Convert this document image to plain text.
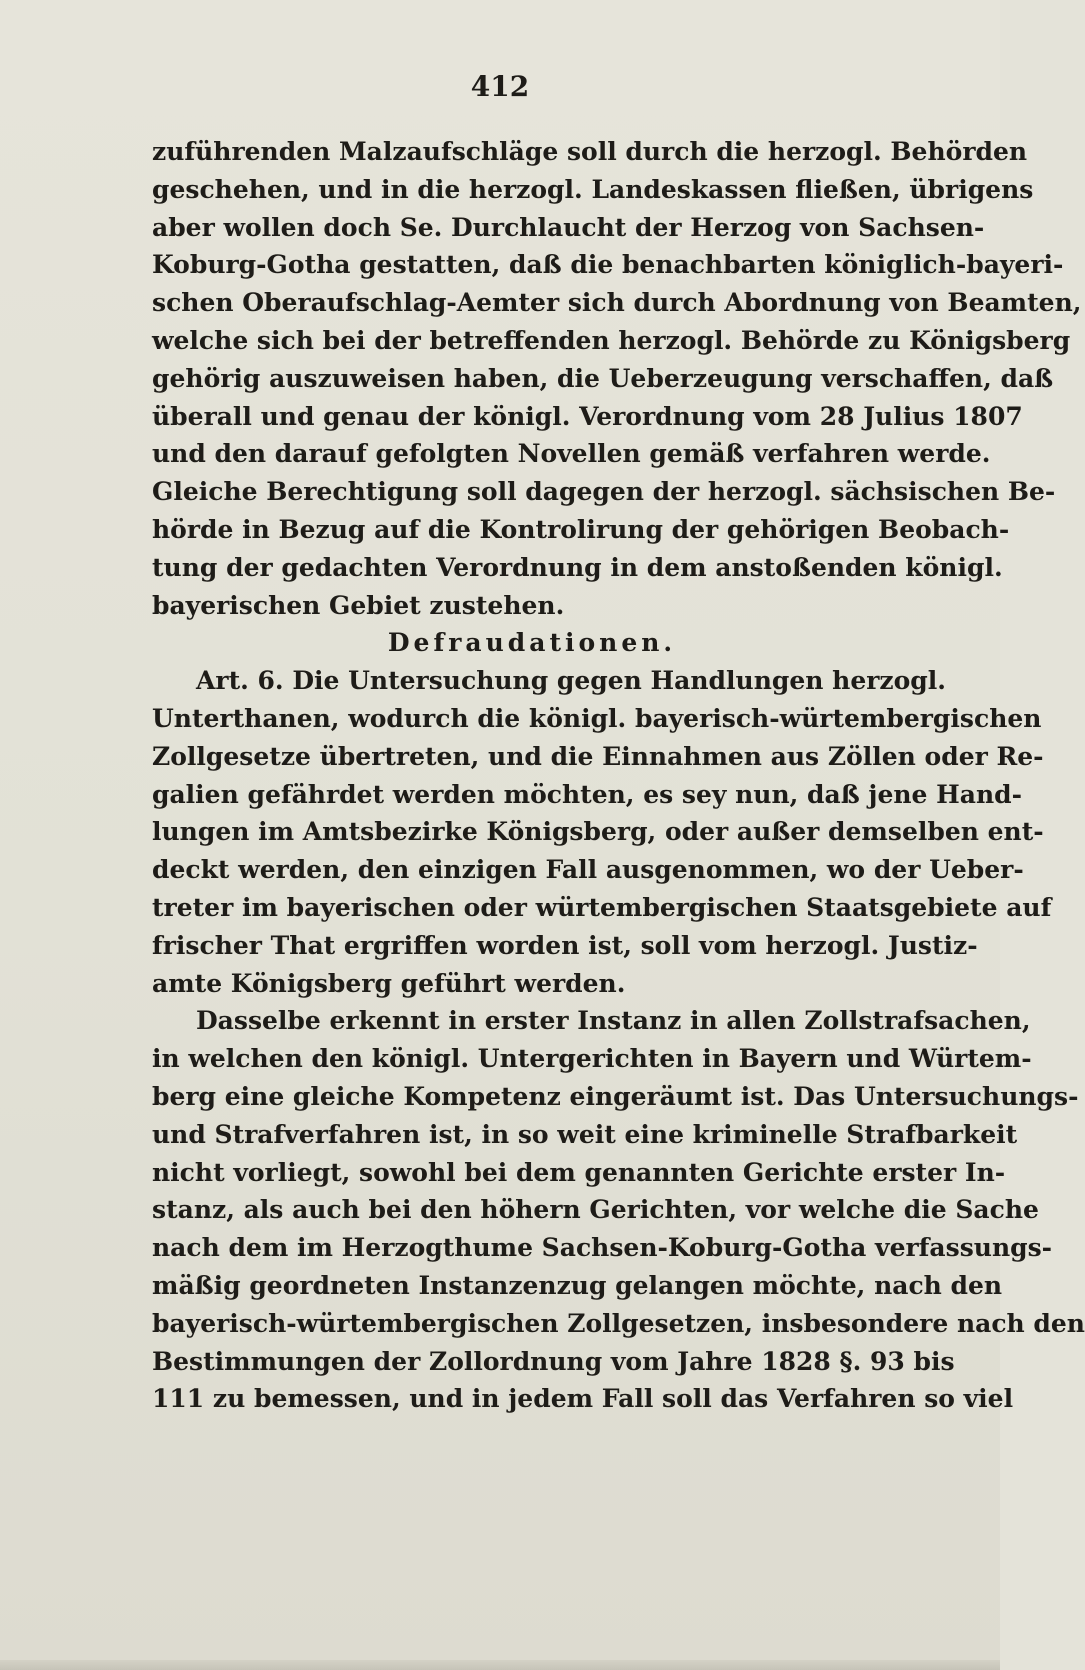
412
zuführenden Malzaufschläge soll durch die herzogl. Behörden
geschehen, und in die herzogl. Landeskassen fließen, übrigens
aber wollen doch Se. Durchlaucht der Herzog von Sachsen-
Koburg-Gotha gestatten, daß die benachbarten königlich-bayeri-
schen Oberaufschlag-Aemter sich durch Abordnung von Beamten,
welche sich bei der betreffenden herzogl. Behörde zu Königsberg
gehörig auszuweisen haben, die Ueberzeugung verschaffen, daß
überall und genau der königl. Verordnung vom 28 Julius 1807
und den darauf gefolgten Novellen gemäß verfahren werde.
Gleiche Berechtigung soll dagegen der herzogl. sächsischen Be-
hörde in Bezug auf die Kontrolirung der gehörigen Beobach-
tung der gedachten Verordnung in dem anstoßenden königl.
bayerischen Gebiet zustehen.
Defraudationen.
Art. 6. Die Untersuchung gegen Handlungen herzogl.
Unterthanen, wodurch die königl. bayerisch-würtembergischen
Zollgesetze übertreten, und die Einnahmen aus Zöllen oder Re-
galien gefährdet werden möchten, es sey nun, daß jene Hand-
lungen im Amtsbezirke Königsberg, oder außer demselben ent-
deckt werden, den einzigen Fall ausgenommen, wo der Ueber-
treter im bayerischen oder würtembergischen Staatsgebiete auf
frischer That ergriffen worden ist, soll vom herzogl. Justiz-
amte Königsberg geführt werden.
Dasselbe erkennt in erster Instanz in allen Zollstrafsachen,
in welchen den königl. Untergerichten in Bayern und Würtem-
berg eine gleiche Kompetenz eingeräumt ist. Das Untersuchungs-
und Strafverfahren ist, in so weit eine kriminelle Strafbarkeit
nicht vorliegt, sowohl bei dem genannten Gerichte erster In-
stanz, als auch bei den höhern Gerichten, vor welche die Sache
nach dem im Herzogthume Sachsen-Koburg-Gotha verfassungs-
mäßig geordneten Instanzenzug gelangen möchte, nach den
bayerisch-würtembergischen Zollgesetzen, insbesondere nach den
Bestimmungen der Zollordnung vom Jahre 1828 §. 93 bis
111 zu bemessen, und in jedem Fall soll das Verfahren so viel
